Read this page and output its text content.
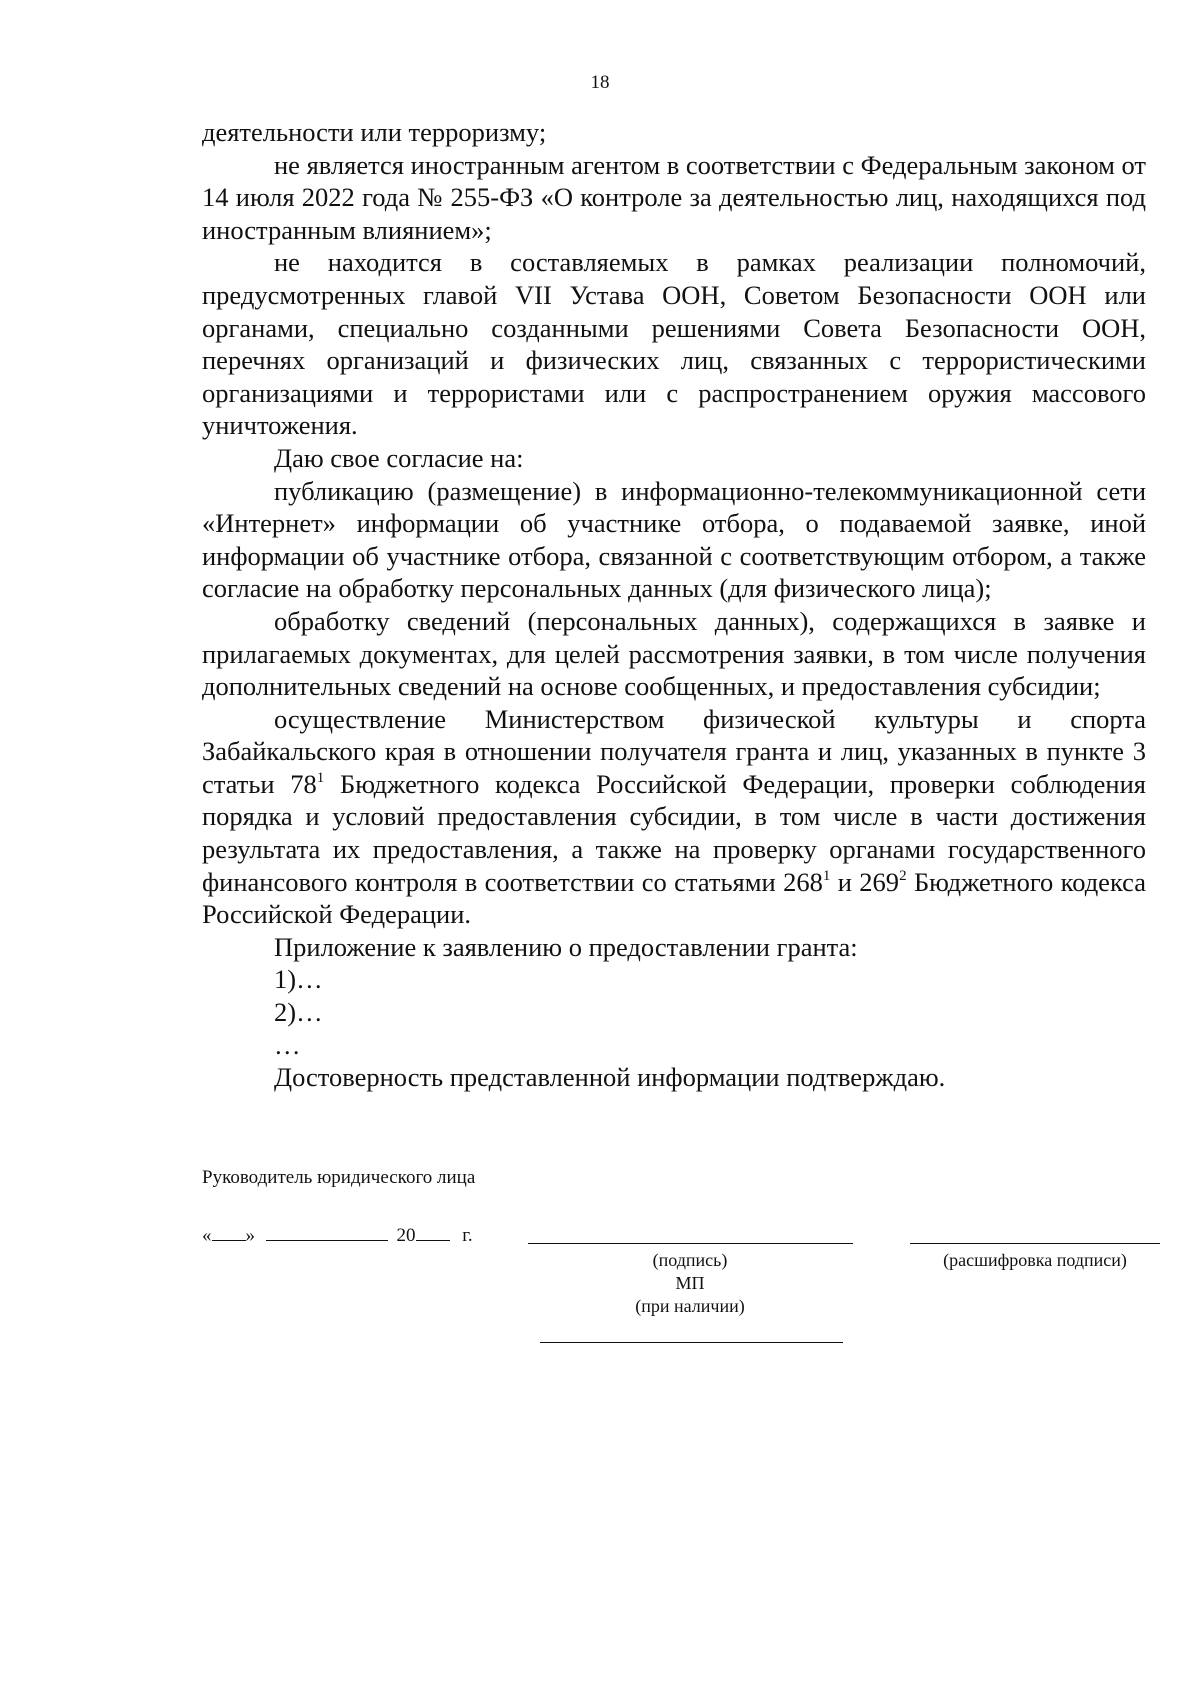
18

деятельности или терроризму;

не является иностранным агентом в соответствии с Федеральным законом от 14 июля 2022 года № 255-ФЗ «О контроле за деятельностью лиц, находящихся под иностранным влиянием»;

не находится в составляемых в рамках реализации полномочий, предусмотренных главой VII Устава ООН, Советом Безопасности ООН или органами, специально созданными решениями Совета Безопасности ООН, перечнях организаций и физических лиц, связанных с террористическими организациями и террористами или с распространением оружия массового уничтожения.

Даю свое согласие на:

публикацию (размещение) в информационно-телекоммуникационной сети «Интернет» информации об участнике отбора, о подаваемой заявке, иной информации об участнике отбора, связанной с соответствующим отбором, а также согласие на обработку персональных данных (для физического лица);

обработку сведений (персональных данных), содержащихся в заявке и прилагаемых документах, для целей рассмотрения заявки, в том числе получения дополнительных сведений на основе сообщенных, и предоставления субсидии;

осуществление Министерством физической культуры и спорта Забайкальского края в отношении получателя гранта и лиц, указанных в пункте 3 статьи $78^1$ Бюджетного кодекса Российской Федерации, проверки соблюдения порядка и условий предоставления субсидии, в том числе в части достижения результата их предоставления, а также на проверку органами государственного финансового контроля в соответствии со статьями $268^1$ и $269^2$ Бюджетного кодекса Российской Федерации.

Приложение к заявлению о предоставлении гранта:

1)…

2)…

…

Достоверность представленной информации подтверждаю.

Руководитель юридического лица
« »	20 г.
(подпись)	(расшифровка подписи)
МП
(при наличии)
